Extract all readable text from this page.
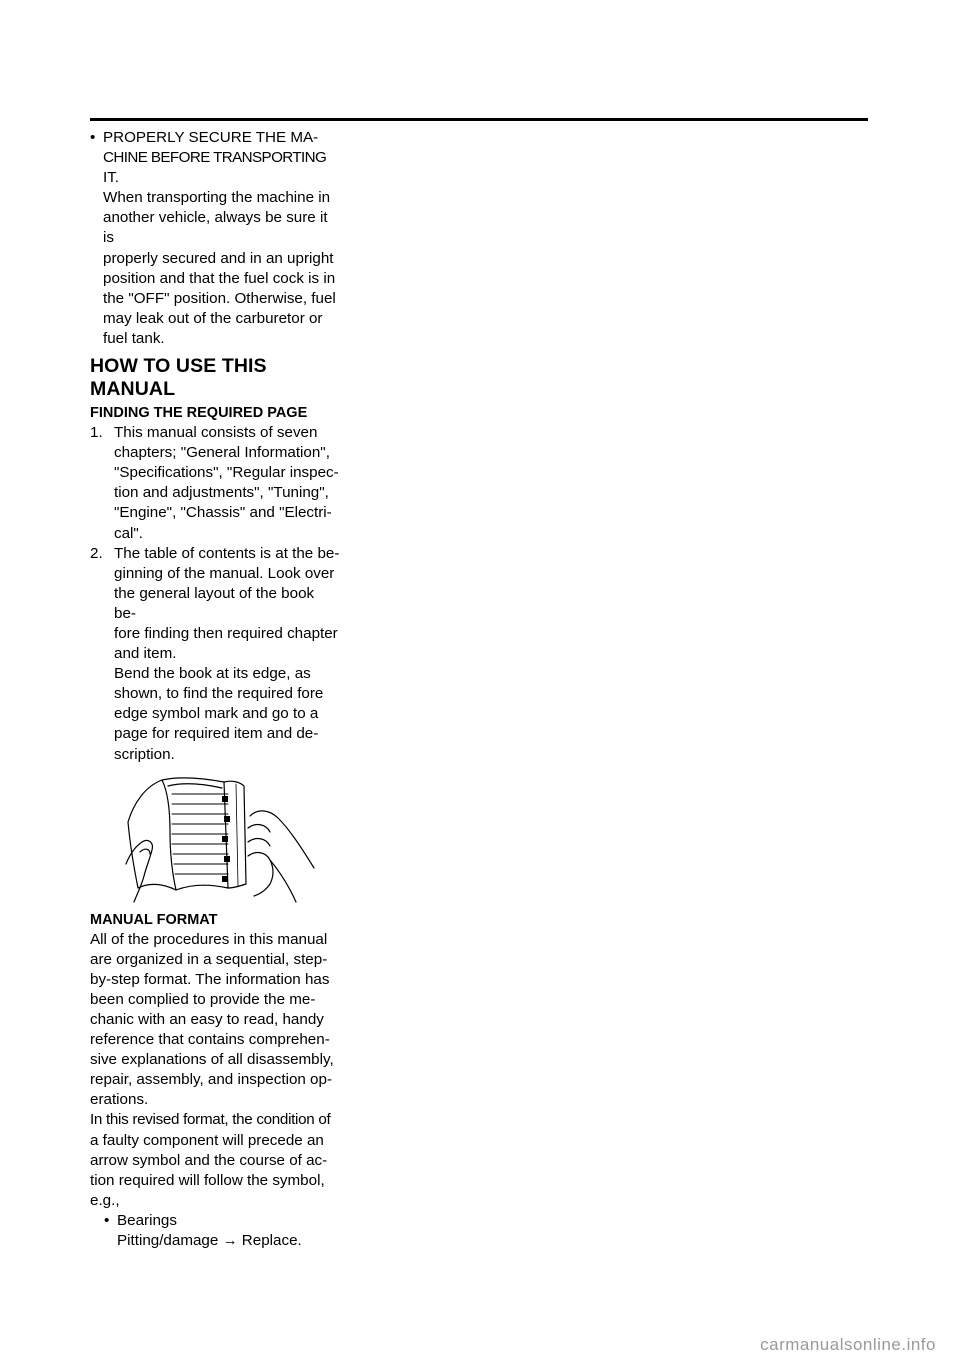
• PROPERLY SECURE THE MA-

CHINE BEFORE TRANSPORTING

IT.

When transporting the machine in

another vehicle, always be sure it is

properly secured and in an upright

position and that the fuel cock is in

the "OFF" position. Otherwise, fuel

may leak out of the carburetor or

fuel tank.

HOW TO USE THIS MANUAL

FINDING THE REQUIRED PAGE

1. This manual consists of seven

chapters; "General Information",

"Specifications", "Regular inspec-

tion and adjustments", "Tuning",

"Engine", "Chassis" and "Electri-

cal".

2. The table of contents is at the be-

ginning of the manual. Look over

the general layout of the book be-

fore finding then required chapter

and item.

Bend the book at its edge, as

shown, to find the required fore

edge symbol mark and go to a

page for required item and de-

scription.

MANUAL FORMAT

All of the procedures in this manual

are organized in a sequential, step-

by-step format. The information has

been complied to provide the me-

chanic with an easy to read, handy

reference that contains comprehen-

sive explanations of all disassembly,

repair, assembly, and inspection op-

erations.

In this revised format, the condition of

a faulty component will precede an

arrow symbol and the course of ac-

tion required will follow the symbol,

e.g.,

• Bearings

Pitting/damage → Replace.

carmanualsonline.info
